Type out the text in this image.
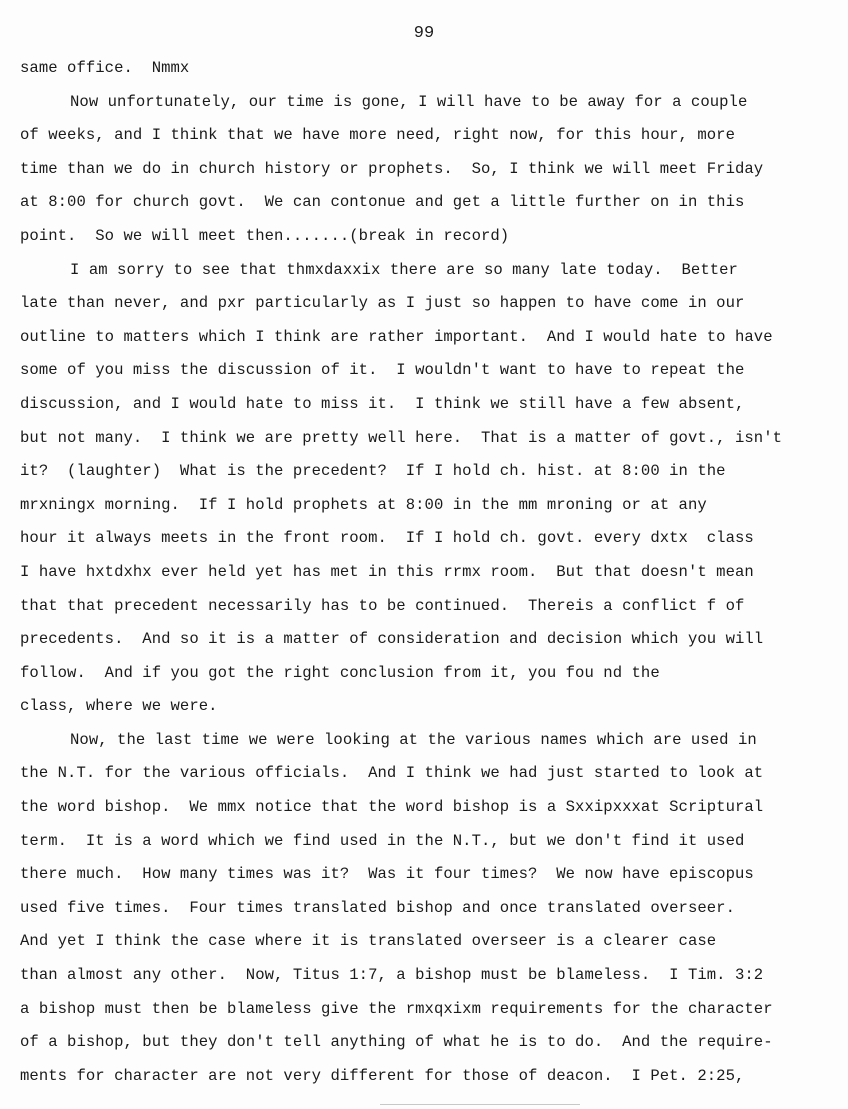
99
same office.  Nmmx
Now unfortunately, our time is gone, I will have to be away for a couple
of weeks, and I think that we have more need, right now, for this hour, more
time than we do in church history or prophets.  So, I think we will meet Friday
at 8:00 for church govt.  We can contonue and get a little further on in this
point.  So we will meet then.......(break in record)
I am sorry to see that thmxdaxxix there are so many late today.  Better
late than never, and pxr particularly as I just so happen to have come in our
outline to matters which I think are rather important.  And I would hate to have
some of you miss the discussion of it.  I wouldn't want to have to repeat the
discussion, and I would hate to miss it.  I think we still have a few absent,
but not many.  I think we are pretty well here.  That is a matter of govt., isn't
it?  (laughter)  What is the precedent?  If I hold ch. hist. at 8:00 in the
mrxningx morning.  If I hold prophets at 8:00 in the mm mroning or at any
hour it always meets in the front room.  If I hold ch. govt. every dxtx  class
I have hxtdxhx ever held yet has met in this rrmx room.  But that doesn't mean
that that precedent necessarily has to be continued.  Thereis a conflict f of
precedents.  And so it is a matter of consideration and decision which you will
follow.  And if you got the right conclusion from it, you fou nd the
class, where we were.
Now, the last time we were looking at the various names which are used in
the N.T. for the various officials.  And I think we had just started to look at
the word bishop.  We mmx notice that the word bishop is a Sxxipxxxat Scriptural
term.  It is a word which we find used in the N.T., but we don't find it used
there much.  How many times was it?  Was it four times?  We now have episcopus
used five times.  Four times translated bishop and once translated overseer.
And yet I think the case where it is translated overseer is a clearer case
than almost any other.  Now, Titus 1:7, a bishop must be blameless.  I Tim. 3:2
a bishop must then be blameless give the rmxqxixm requirements for the character
of a bishop, but they don't tell anything of what he is to do.  And the require-
ments for character are not very different for those of deacon.  I Pet. 2:25,
